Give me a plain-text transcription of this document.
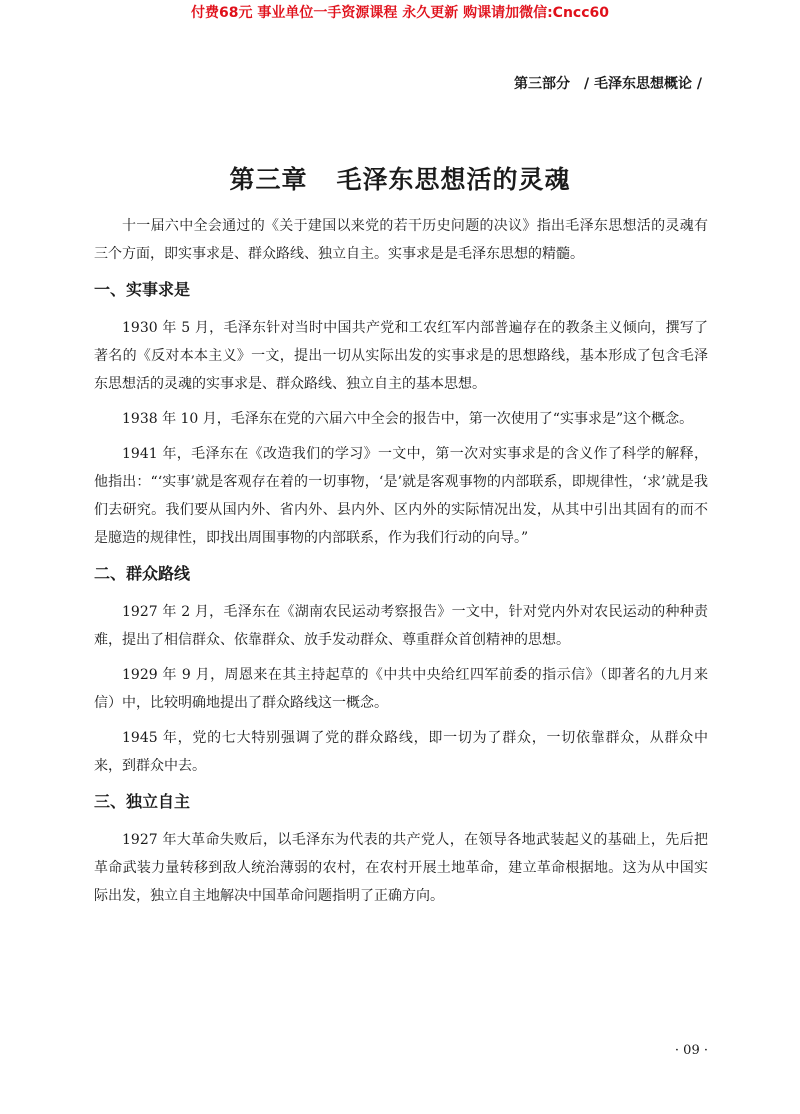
付费68元 事业单位一手资源课程 永久更新 购课请加微信:Cncc60
第三部分 / 毛泽东思想概论 /
第三章   毛泽东思想活的灵魂

十一届六中全会通过的《关于建国以来党的若干历史问题的决议》指出毛泽东思想活的灵魂有三个方面，即实事求是、群众路线、独立自主。实事求是是毛泽东思想的精髓。

一、实事求是

1930 年 5 月，毛泽东针对当时中国共产党和工农红军内部普遍存在的教条主义倾向，撰写了著名的《反对本本主义》一文，提出一切从实际出发的实事求是的思想路线，基本形成了包含毛泽东思想活的灵魂的实事求是、群众路线、独立自主的基本思想。

1938 年 10 月，毛泽东在党的六届六中全会的报告中，第一次使用了“实事求是”这个概念。

1941 年，毛泽东在《改造我们的学习》一文中，第一次对实事求是的含义作了科学的解释，他指出：“‘实事’就是客观存在着的一切事物，‘是’就是客观事物的内部联系，即规律性，‘求’就是我们去研究。我们要从国内外、省内外、县内外、区内外的实际情况出发，从其中引出其固有的而不是臆造的规律性，即找出周围事物的内部联系，作为我们行动的向导。”

二、群众路线

1927 年 2 月，毛泽东在《湖南农民运动考察报告》一文中，针对党内外对农民运动的种种责难，提出了相信群众、依靠群众、放手发动群众、尊重群众首创精神的思想。

1929 年 9 月，周恩来在其主持起草的《中共中央给红四军前委的指示信》（即著名的九月来信）中，比较明确地提出了群众路线这一概念。

1945 年，党的七大特别强调了党的群众路线，即一切为了群众，一切依靠群众，从群众中来，到群众中去。

三、独立自主

1927 年大革命失败后，以毛泽东为代表的共产党人，在领导各地武装起义的基础上，先后把革命武装力量转移到敌人统治薄弱的农村，在农村开展土地革命，建立革命根据地。这为从中国实际出发，独立自主地解决中国革命问题指明了正确方向。

· 09 ·
